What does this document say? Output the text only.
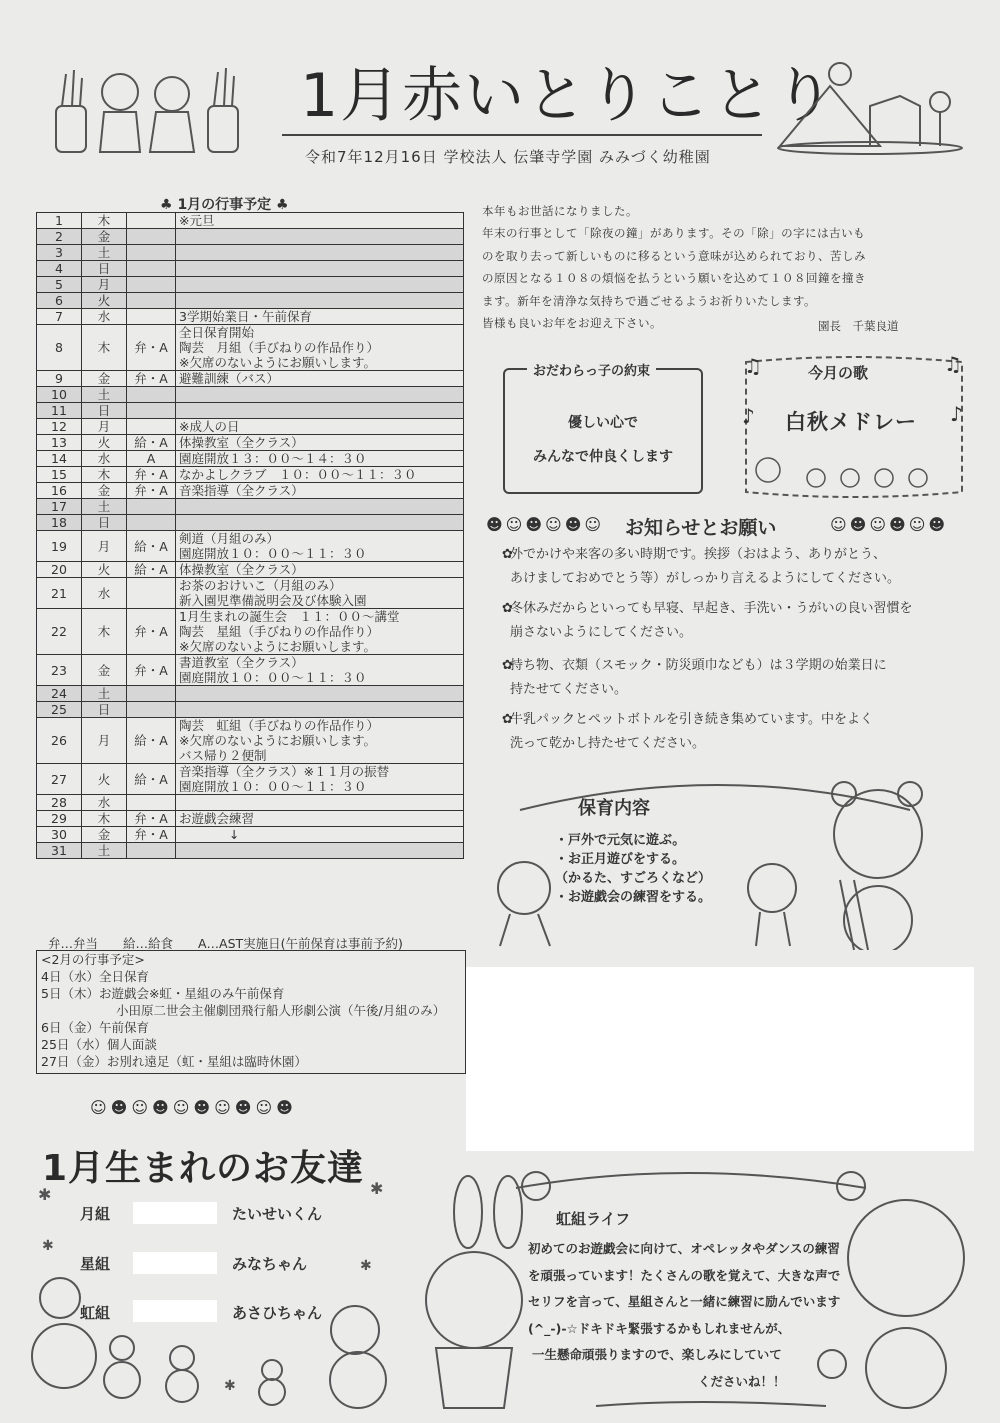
1月赤いとりことり
令和7年12月16日 学校法人 伝肇寺学園 みみづく幼稚園
♣ 1月の行事予定 ♣
1	木		※元旦

2	金		

3	土		

4	日		

5	月		

6	火		

7	水		3学期始業日・午前保育

8	木	弁・A	全日保育開始
陶芸　月組（手びねりの作品作り）
※欠席のないようにお願いします。

9	金	弁・A	避難訓練（バス）

10	土		

11	日		

12	月		※成人の日

13	火	給・A	体操教室（全クラス）

14	水	A	園庭開放１３：００～１４：３０

15	木	弁・A	なかよしクラブ　１０：００～１１：３０

16	金	弁・A	音楽指導（全クラス）

17	土		

18	日		

19	月	給・A	剣道（月組のみ）
園庭開放１０：００～１１：３０

20	火	給・A	体操教室（全クラス）

21	水		お茶のおけいこ（月組のみ）
新入園児準備説明会及び体験入園

22	木	弁・A	1月生まれの誕生会　１１：００～講堂
陶芸　星組（手びねりの作品作り）
※欠席のないようにお願いします。

23	金	弁・A	書道教室（全クラス）
園庭開放１０：００～１１：３０

24	土		

25	日		

26	月	給・A	陶芸　虹組（手びねりの作品作り）
※欠席のないようにお願いします。
バス帰り２便制

27	火	給・A	音楽指導（全クラス）※１１月の振替
園庭開放１０：００～１１：３０

28	水		

29	木	弁・A	お遊戯会練習

30	金	弁・A	　　　　↓

31	土		
弁…弁当　　給…給食　　A…AST実施日(午前保育は事前予約)
<2月の行事予定>
4日（水）全日保育
5日（木）お遊戯会※虹・星組のみ午前保育
　　　　　　小田原二世会主催劇団飛行船人形劇公演（午後/月組のみ）
6日（金）午前保育
25日（水）個人面談
27日（金）お別れ遠足（虹・星組は臨時休園）
本年もお世話になりました。
年末の行事として「除夜の鐘」があります。その「除」の字には古いも
のを取り去って新しいものに移るという意味が込められており、苦しみ
の原因となる１０８の煩悩を払うという願いを込めて１０８回鐘を撞き
ます。新年を清浄な気持ちで過ごせるようお祈りいたします。
皆様も良いお年をお迎え下さい。	園長　千葉良道
おだわらっ子の約束
優しい心で
みんなで仲良くします
♫	♫
♪	♪
今月の歌
白秋メドレー
☻☺☻☺☻☺	☺☻☺☻☺☻
お知らせとお願い
✿
外でかけや来客の多い時期です。挨拶（おはよう、ありがとう、
あけましておめでとう等）がしっかり言えるようにしてください。
✿
冬休みだからといっても早寝、早起き、手洗い・うがいの良い習慣を
崩さないようにしてください。
✿
持ち物、衣類（スモック・防災頭巾なども）は３学期の始業日に
持たせてください。
✿
牛乳パックとペットボトルを引き続き集めています。中をよく
洗って乾かし持たせてください。
保育内容
・戸外で元気に遊ぶ。
・お正月遊びをする。
（かるた、すごろくなど）
・お遊戯会の練習をする。
☺☻☺☻☺☻☺☻☺☻
1月生まれのお友達
月組	たいせいくん
星組	みなちゃん
虹組	あさひちゃん
✱	✱
✱
✱
✱
虹組ライフ
初めてのお遊戯会に向けて、オペレッタやダンスの練習
を頑張っています！たくさんの歌を覚えて、大きな声で
セリフを言って、星組さんと一緒に練習に励んでいます
(^_-)-☆ドキドキ緊張するかもしれませんが、
一生懸命頑張りますので、楽しみにしていて
くださいね！！
